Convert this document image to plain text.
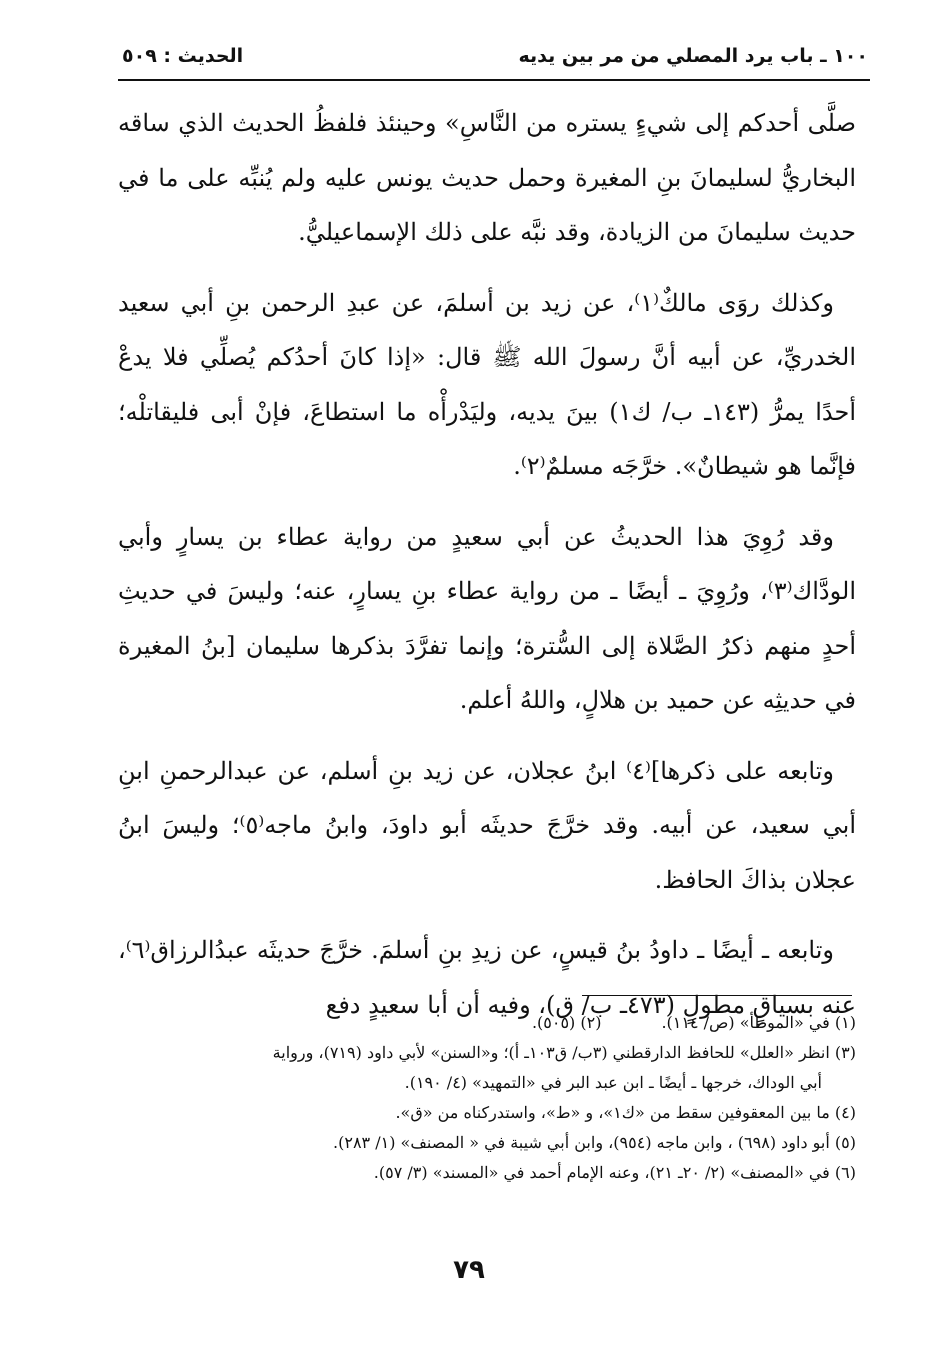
١٠٠ ـ باب يرد المصلي من مر بين يديه
الحديث : ٥٠٩

صلَّى أحدكم إلى شيءٍ يستره من النَّاسِ» وحينئذ فلفظُ الحديث الذي ساقه البخاريُّ لسليمانَ بنِ المغيرة وحمل حديث يونس عليه ولم يُنبِّه على ما في حديث سليمانَ من الزيادة، وقد نبَّه على ذلك الإسماعيليُّ.

وكذلك روَى مالكٌ⁽١⁾، عن زيد بن أسلمَ، عن عبدِ الرحمن بنِ أبي سعيد الخدريِّ، عن أبيه أنَّ رسولَ الله ﷺ قال: «إذا كانَ أحدُكم يُصلِّي فلا يدعْ أحدًا يمرُّ (١٤٣ـ ب/ ك١) بينَ يديه، وليَدْرأْه ما استطاعَ، فإنْ أبى فليقاتلْه؛ فإنَّما هو شيطانٌ». خرَّجَه مسلمٌ⁽٢⁾.

وقد رُوِيَ هذا الحديثُ عن أبي سعيدٍ من رواية عطاء بن يسارٍ وأبي الودَّاك⁽٣⁾، ورُوِيَ ـ أيضًا ـ من رواية عطاء بنِ يسارٍ، عنه؛ وليسَ في حديثِ أحدٍ منهم ذكرُ الصَّلاة إلى السُّترة؛ وإنما تفرَّدَ بذكرها سليمان [بنُ المغيرة في حديثِه عن حميد بن هلالٍ، واللهُ أعلم.

وتابعه على ذكرها]⁽٤⁾ ابنُ عجلان، عن زيد بنِ أسلم، عن عبدالرحمنِ ابنِ أبي سعيد، عن أبيه. وقد خرَّجَ حديثَه أبو داودَ، وابنُ ماجه⁽٥⁾؛ وليسَ ابنُ عجلان بذاكَ الحافظ.

وتابعه ـ أيضًا ـ داودُ بنُ قيسٍ، عن زيدِ بنِ أسلمَ. خرَّجَ حديثَه عبدُالرزاق⁽٦⁾، عنه بسياقٍ مطولٍ (٤٧٣ـ ب/ ق)، وفيه أن أبا سعيدٍ دفع

(١) في «الموطأ» (ص/ ١١٤).

(٢) (٥٠٥).

(٣) انظر «العلل» للحافظ الدارقطني (٣ب/ ق١٠٣ـ أ)؛ و«السنن» لأبي داود (٧١٩)، ورواية

أبي الوداك، خرجها ـ أيضًا ـ ابن عبد البر في «التمهيد» (٤/ ١٩٠).

(٤) ما بين المعقوفين سقط من «ك١»، و «ط»، واستدركناه من «ق».

(٥) أبو داود (٦٩٨) ، وابن ماجه (٩٥٤)، وابن أبي شيبة في « المصنف» (١/ ٢٨٣).

(٦) في «المصنف» (٢/ ٢٠ـ ٢١)، وعنه الإمام أحمد في «المسند» (٣/ ٥٧).

٧٩
